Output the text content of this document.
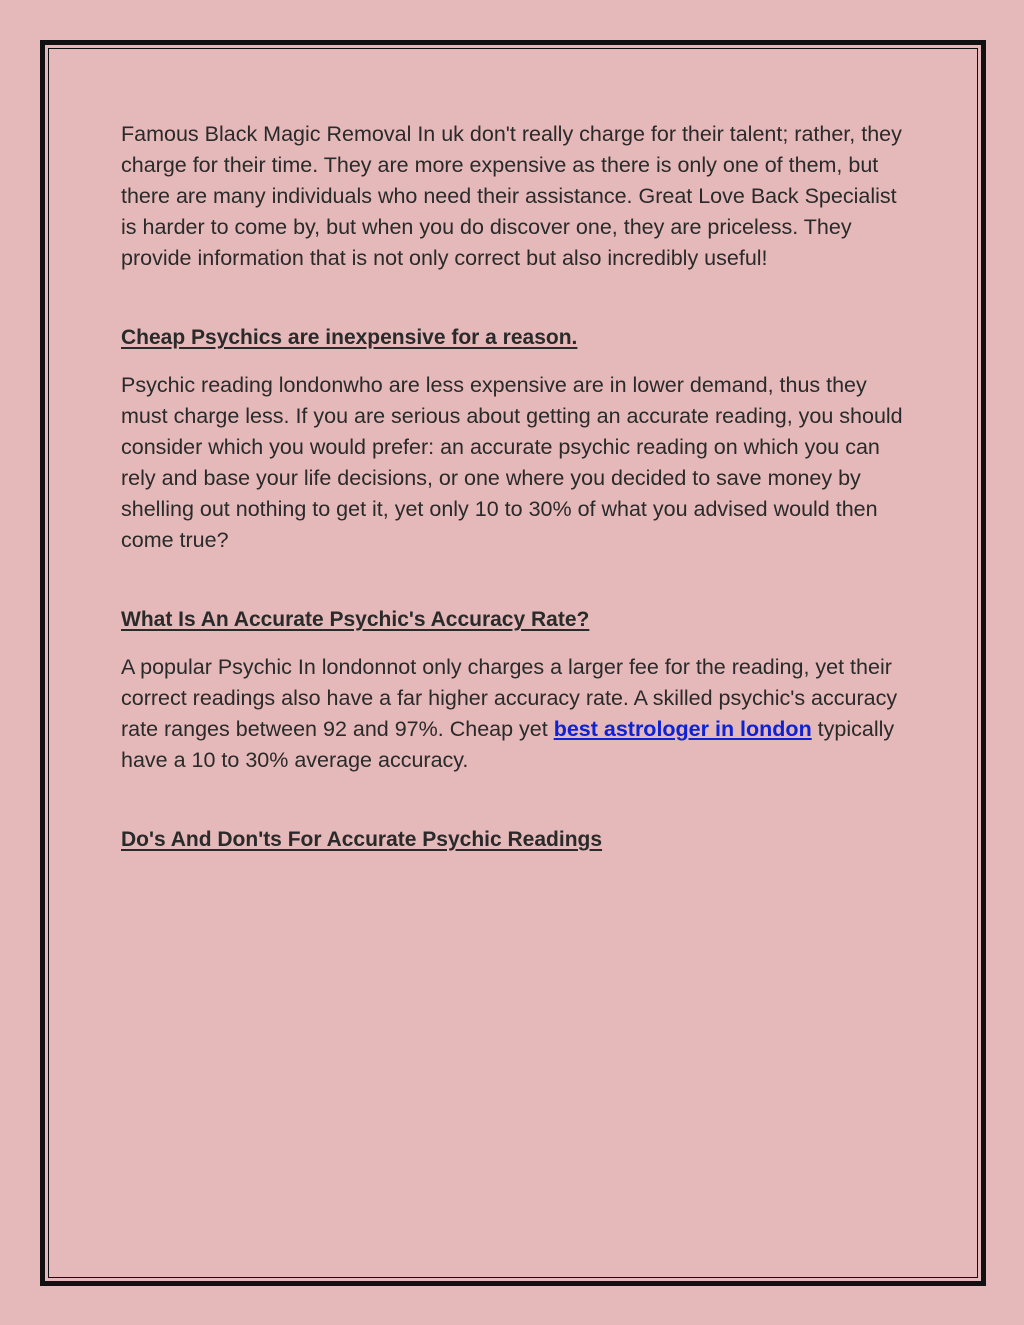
Famous Black Magic Removal In uk don't really charge for their talent; rather, they charge for their time. They are more expensive as there is only one of them, but there are many individuals who need their assistance. Great Love Back Specialist is harder to come by, but when you do discover one, they are priceless. They provide information that is not only correct but also incredibly useful!

Cheap Psychics are inexpensive for a reason.

Psychic reading londonwho are less expensive are in lower demand, thus they must charge less. If you are serious about getting an accurate reading, you should consider which you would prefer: an accurate psychic reading on which you can rely and base your life decisions, or one where you decided to save money by shelling out nothing to get it, yet only 10 to 30% of what you advised would then come true?

What Is An Accurate Psychic's Accuracy Rate?

A popular Psychic In londonnot only charges a larger fee for the reading, yet their correct readings also have a far higher accuracy rate. A skilled psychic's accuracy rate ranges between 92 and 97%. Cheap yet best astrologer in london typically have a 10 to 30% average accuracy.

Do's And Don'ts For Accurate Psychic Readings
